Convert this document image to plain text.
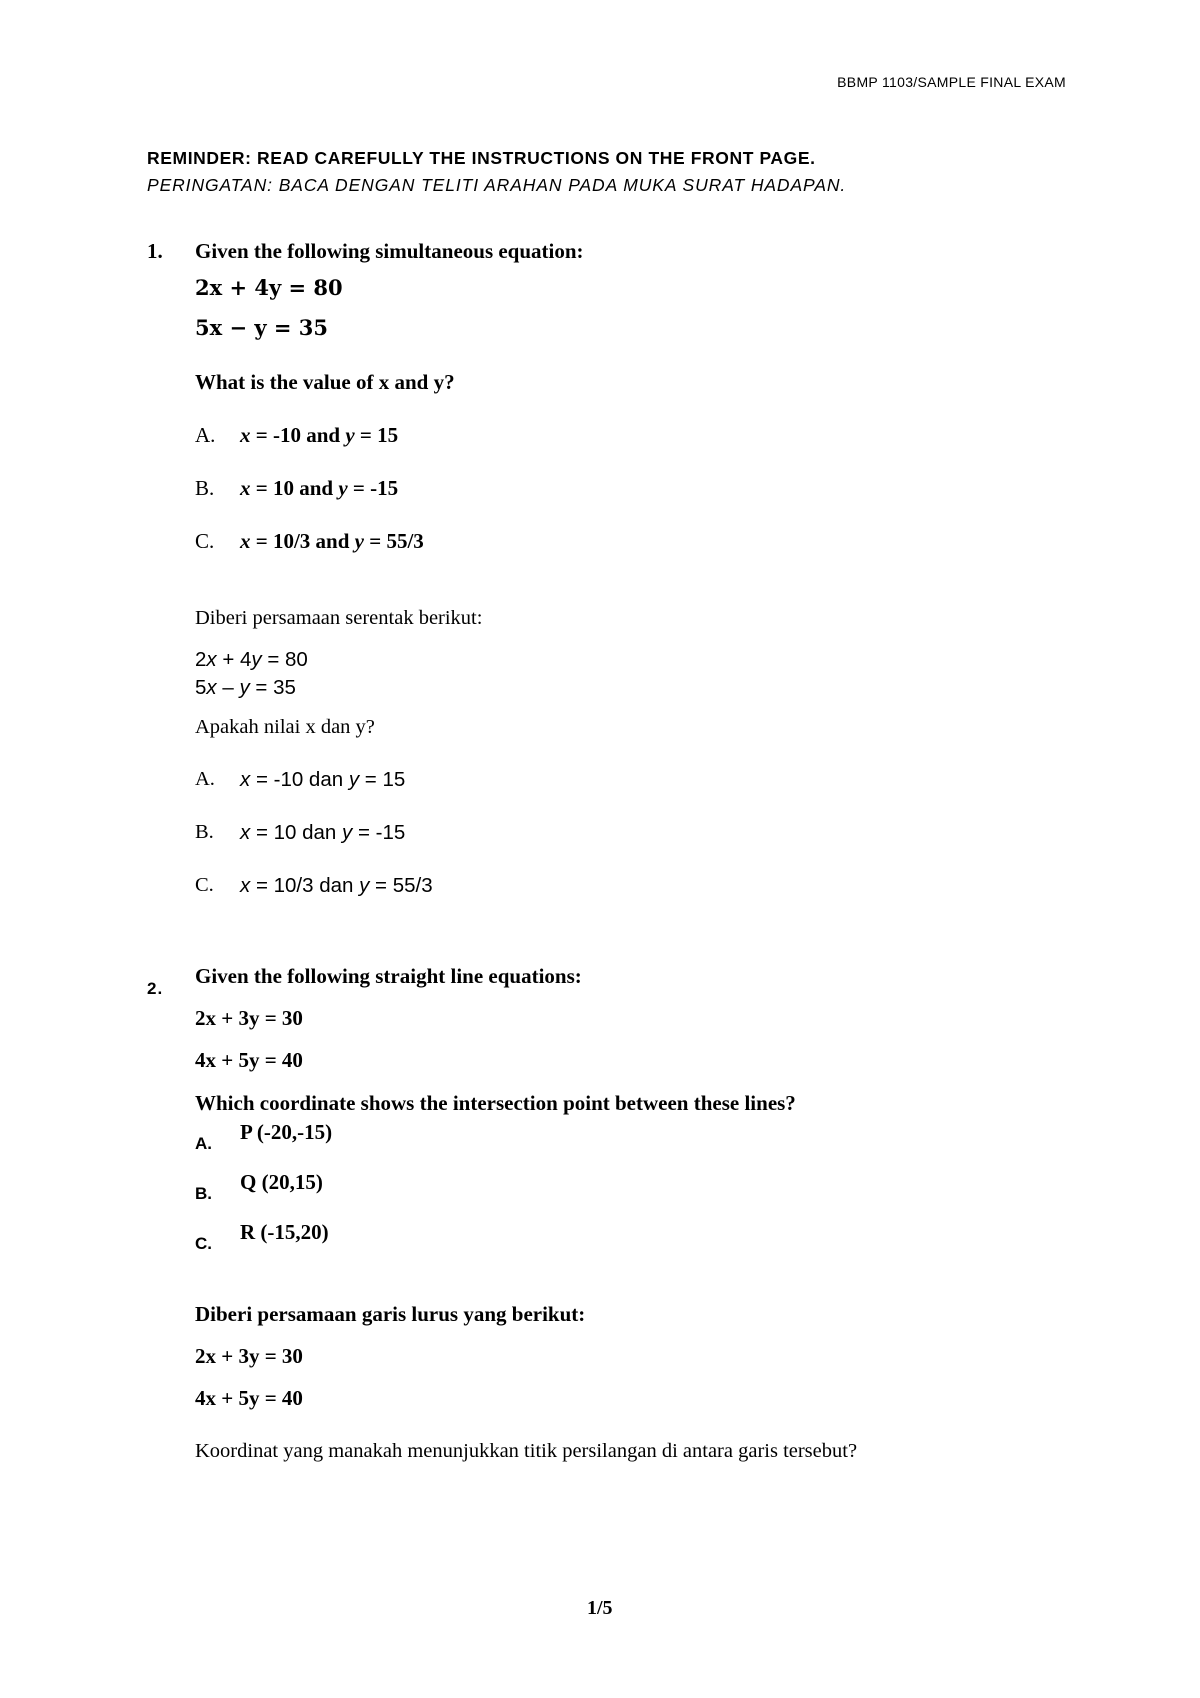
BBMP 1103/SAMPLE FINAL EXAM
REMINDER: READ CAREFULLY THE INSTRUCTIONS ON THE FRONT PAGE.
PERINGATAN: BACA DENGAN TELITI ARAHAN PADA MUKA SURAT HADAPAN.
1. Given the following simultaneous equation:
2x + 4y = 80
5x − y = 35
What is the value of x and y?
A. x = -10 and y = 15
B. x = 10 and y = -15
C. x = 10/3 and y = 55/3
Diberi persamaan serentak berikut:
2x + 4y = 80
5x – y = 35
Apakah nilai x dan y?
A. x = -10 dan y = 15
B. x = 10 dan y = -15
C. x = 10/3 dan y = 55/3
2.
Given the following straight line equations:
2x + 3y = 30
4x + 5y = 40
Which coordinate shows the intersection point between these lines?
A. P (-20,-15)
B. Q (20,15)
C. R (-15,20)
Diberi persamaan garis lurus yang berikut:
2x + 3y = 30
4x + 5y = 40
Koordinat yang manakah menunjukkan titik persilangan di antara garis tersebut?
1/5
